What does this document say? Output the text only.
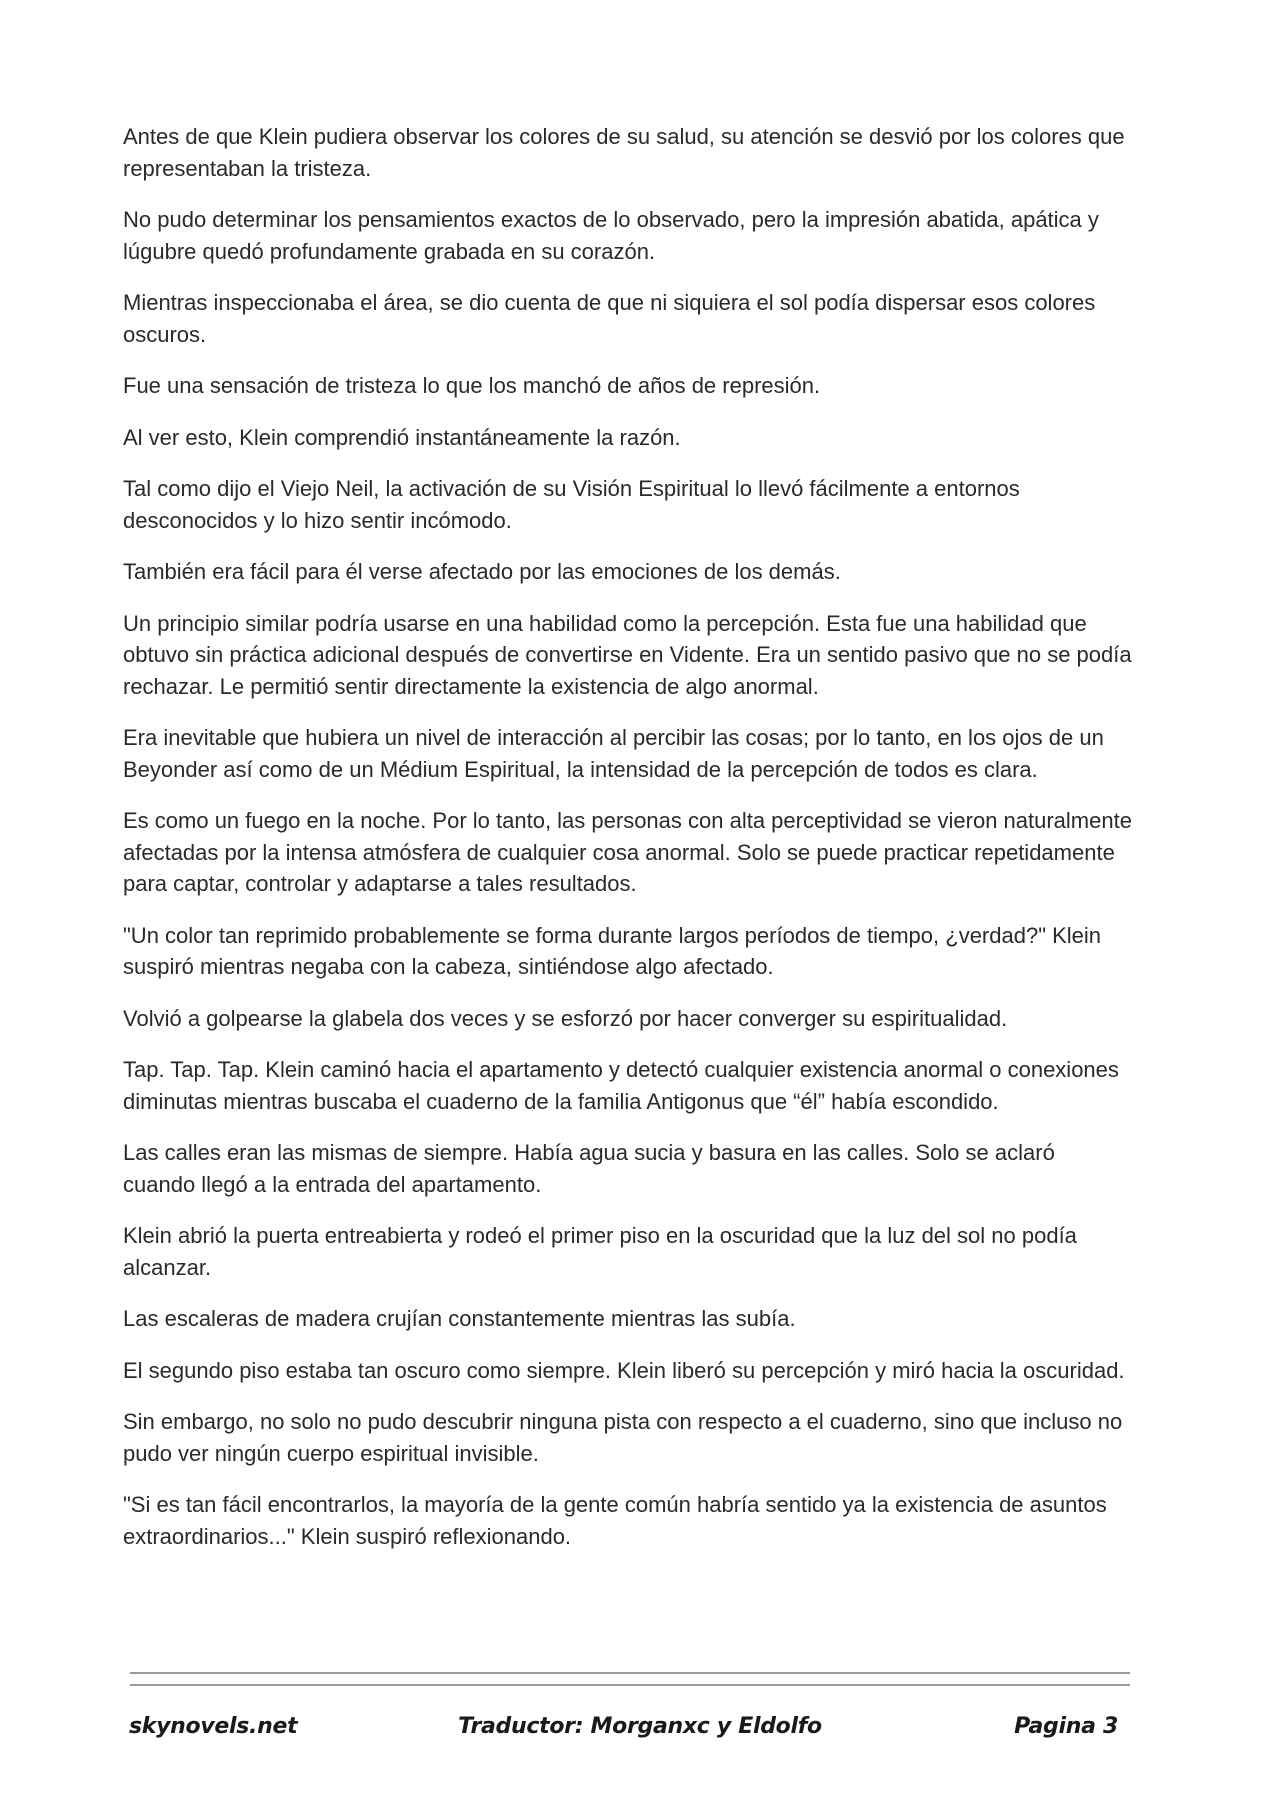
Antes de que Klein pudiera observar los colores de su salud, su atención se desvió por los colores que representaban la tristeza.

No pudo determinar los pensamientos exactos de lo observado, pero la impresión abatida, apática y lúgubre quedó profundamente grabada en su corazón.

Mientras inspeccionaba el área, se dio cuenta de que ni siquiera el sol podía dispersar esos colores oscuros.

Fue una sensación de tristeza lo que los manchó de años de represión.

Al ver esto, Klein comprendió instantáneamente la razón.

Tal como dijo el Viejo Neil, la activación de su Visión Espiritual lo llevó fácilmente a entornos desconocidos y lo hizo sentir incómodo.

También era fácil para él verse afectado por las emociones de los demás.

Un principio similar podría usarse en una habilidad como la percepción. Esta fue una habilidad que obtuvo sin práctica adicional después de convertirse en Vidente. Era un sentido pasivo que no se podía rechazar. Le permitió sentir directamente la existencia de algo anormal.

Era inevitable que hubiera un nivel de interacción al percibir las cosas; por lo tanto, en los ojos de un Beyonder así como de un Médium Espiritual, la intensidad de la percepción de todos es clara.

Es como un fuego en la noche. Por lo tanto, las personas con alta perceptividad se vieron naturalmente afectadas por la intensa atmósfera de cualquier cosa anormal. Solo se puede practicar repetidamente para captar, controlar y adaptarse a tales resultados.

"Un color tan reprimido probablemente se forma durante largos períodos de tiempo, ¿verdad?" Klein suspiró mientras negaba con la cabeza, sintiéndose algo afectado.

Volvió a golpearse la glabela dos veces y se esforzó por hacer converger su espiritualidad.

Tap. Tap. Tap. Klein caminó hacia el apartamento y detectó cualquier existencia anormal o conexiones diminutas mientras buscaba el cuaderno de la familia Antigonus que “él” había escondido.

Las calles eran las mismas de siempre. Había agua sucia y basura en las calles. Solo se aclaró cuando llegó a la entrada del apartamento.

Klein abrió la puerta entreabierta y rodeó el primer piso en la oscuridad que la luz del sol no podía alcanzar.

Las escaleras de madera crujían constantemente mientras las subía.

El segundo piso estaba tan oscuro como siempre. Klein liberó su percepción y miró hacia la oscuridad.

Sin embargo, no solo no pudo descubrir ninguna pista con respecto a el cuaderno, sino que incluso no pudo ver ningún cuerpo espiritual invisible.

"Si es tan fácil encontrarlos, la mayoría de la gente común habría sentido ya la existencia de asuntos extraordinarios..." Klein suspiró reflexionando.

skynovels.net	Traductor: Morganxc y Eldolfo	Pagina 3
